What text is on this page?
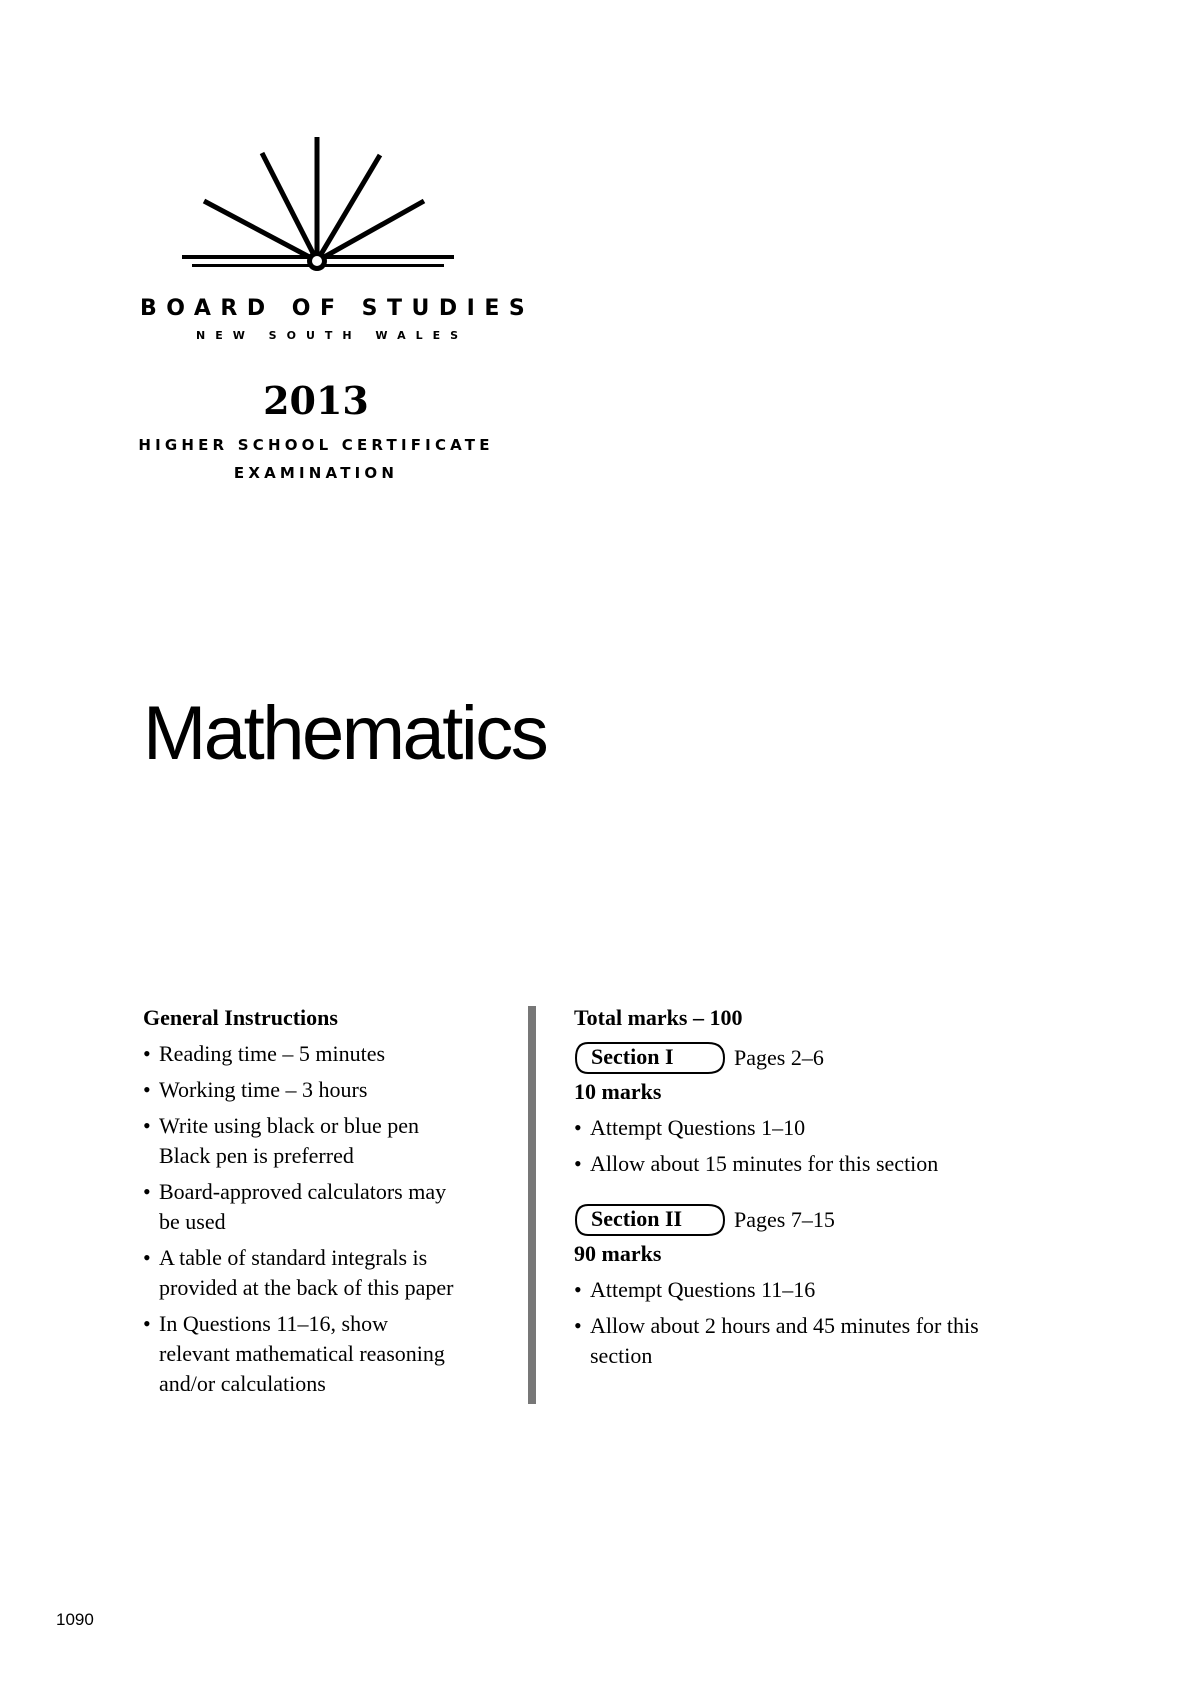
BOARD OF STUDIES
NEW SOUTH WALES
2013
HIGHER SCHOOL CERTIFICATE
EXAMINATION
Mathematics
General Instructions
• Reading time – 5 minutes
• Working time – 3 hours
• Write using black or blue pen
Black pen is preferred
• Board-approved calculators may
be used
• A table of standard integrals is
provided at the back of this paper
• In Questions 11–16, show
relevant mathematical reasoning
and/or calculations
Total marks – 100
Section I	Pages 2–6
10 marks
• Attempt Questions 1–10
• Allow about 15 minutes for this section
Section II Pages 7–15
90 marks
• Attempt Questions 11–16
• Allow about 2 hours and 45 minutes for this
section
1090
